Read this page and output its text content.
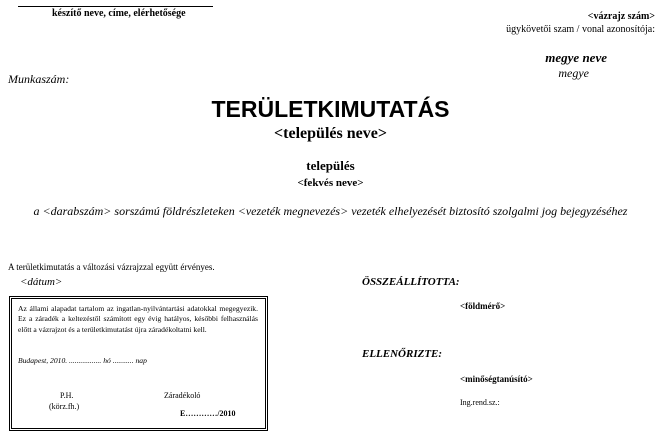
készítő neve, címe, elérhetősége	<vázrajz szám>
ügykövetői szam / vonal azonosítója:
megye neve
megye
Munkaszám:
TERÜLETKIMUTATÁS
<település neve>
település
<fekvés neve>
a <darabszám> sorszámú földrészleteken <vezeték megnevezés> vezeték elhelyezését biztosító szolgalmi jog bejegyzéséhez
A területkimutatás a változási vázrajzzal együtt érvényes.
<dátum>
Az állami alapadat tartalom az ingatlan-nyilvántartási adatokkal megegyezik. Ez a záradék a keltezéstől számított egy évig hatályos, későbbi felhasználás előtt a vázrajzot és a területkimutatást újra záradékoltatni kell.
Budapest, 2010. ................. hó ........... nap
P.H.
(körz.fh.)
Záradékoló
E…………/2010
ÖSSZEÁLLÍTOTTA:
<földmérő>
ELLENŐRIZTE:
<minőségtanúsító>
Ing.rend.sz.:
